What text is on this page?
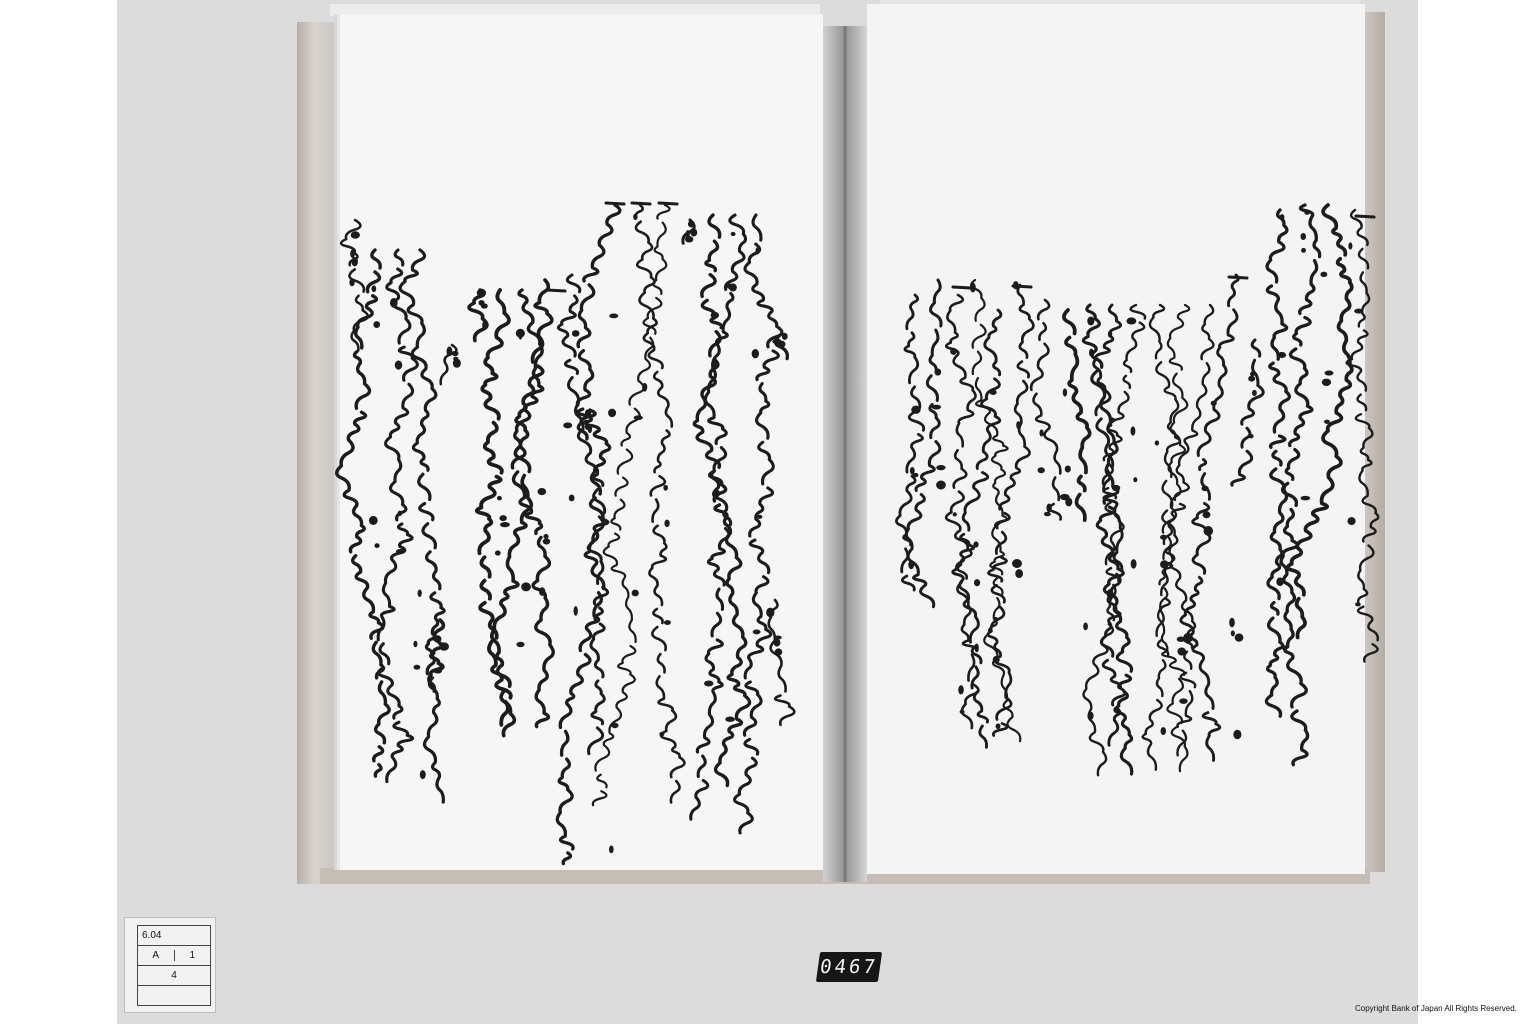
6.04
A	1
4	0467
Copyright Bank of Japan All Rights Reserved.
